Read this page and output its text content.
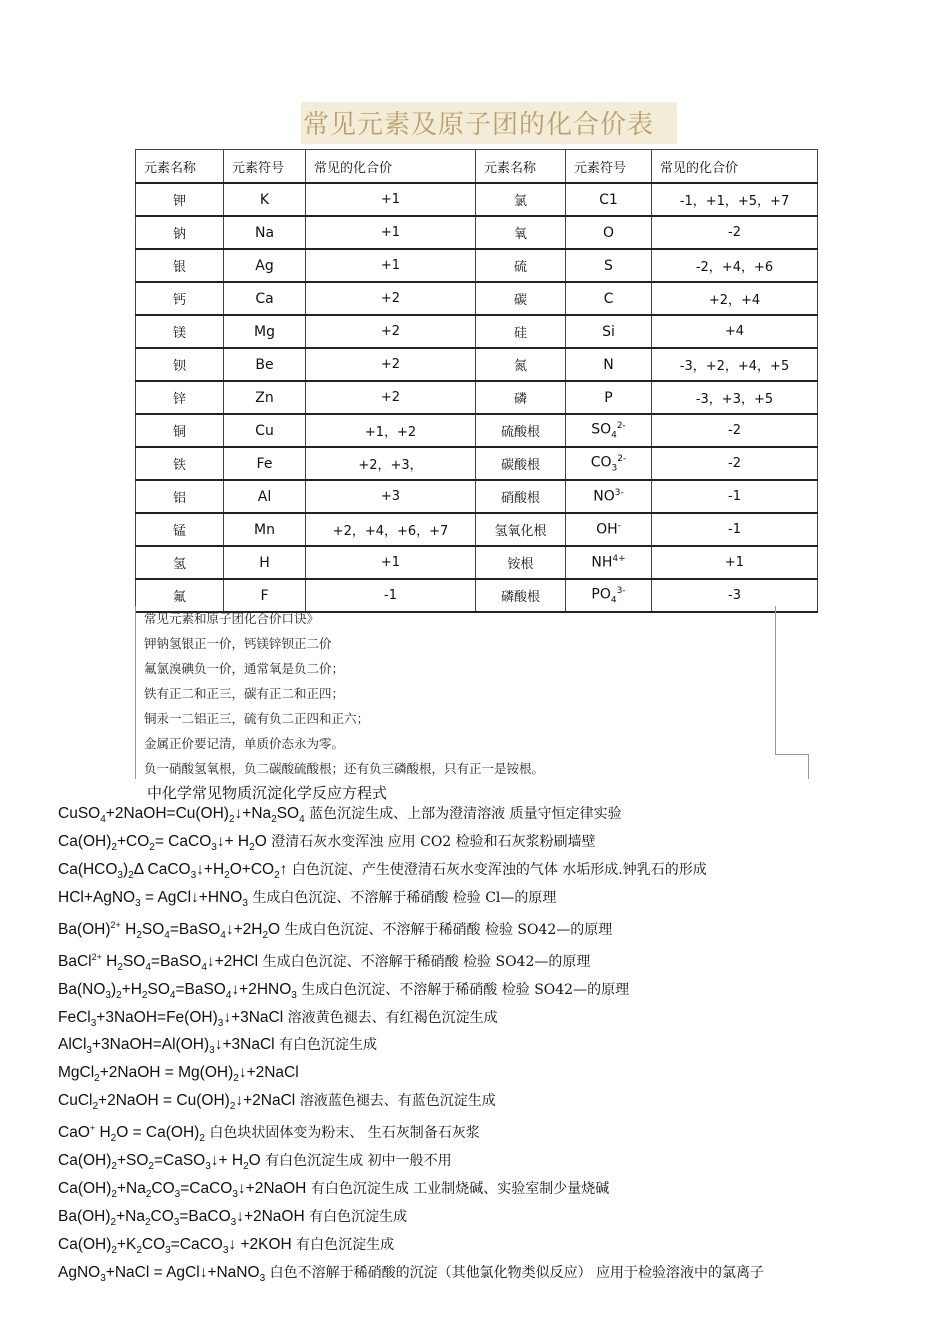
常见元素及原子团的化合价表
元素名称	元素符号	常见的化合价	元素名称	元素符号	常见的化合价
钾	K	+1	氯	C1	-1，+1，+5，+7
钠	Na	+1	氧	O	-2
银	Ag	+1	硫	S	-2，+4，+6
钙	Ca	+2	碳	C	+2，+4
镁	Mg	+2	硅	Si	+4
钡	Be	+2	氮	N	-3，+2，+4，+5
锌	Zn	+2	磷	P	-3，+3，+5
铜	Cu	+1，+2	硫酸根	$SO_4^{2-}$	-2
铁	Fe	+2，+3，	碳酸根	$CO_3^{2-}$	-2
铝	Al	+3	硝酸根	$NO^{3-}$	-1
锰	Mn	+2，+4，+6，+7	氢氧化根	OH-	-1
氢	H	+1	铵根	$NH^{4+}$	+1
氟	F	-1	磷酸根	$PO_4^{3-}$	-3
常见元素和原子团化合价口诀》
钾钠氢银正一价，钙镁锌钡正二价
氟氯溴碘负一价，通常氧是负二价；
铁有正二和正三，碳有正二和正四；
铜汞一二铝正三，硫有负二正四和正六；
金属正价要记清，单质价态永为零。
负一硝酸氢氧根，负二碳酸硫酸根；还有负三磷酸根，只有正一是铵根。
中化学常见物质沉淀化学反应方程式
$CuSO_4+2NaOH=Cu(OH)_2↓+Na_2SO_4$ 蓝色沉淀生成、上部为澄清溶液 质量守恒定律实验
$Ca(OH)_2+CO_2=$ CaCO$_3$↓+ $H_2O$ 澄清石灰水变浑浊 应用 CO2 检验和石灰浆粉刷墙壁
$Ca(HCO_3)_2\Delta$ $CaCO_3↓+H_2O+CO_2↑$ 白色沉淀、产生使澄清石灰水变浑浊的气体 水垢形成.钟乳石的形成
HCl+AgNO$_3$ = $AgCl↓+HNO_3$ 生成白色沉淀、不溶解于稀硝酸 检验 Cl—的原理
Ba(OH)$^{2+}$ $H_2SO_4=BaSO_4↓+2H_2O$ 生成白色沉淀、不溶解于稀硝酸 检验 SO42—的原理
BaCl$^{2+}$ $H_2SO_4=BaSO_4↓+2HCl$ 生成白色沉淀、不溶解于稀硝酸 检验 SO42—的原理
$Ba(NO_3)_2+H_2SO_4=BaSO_4↓+2HNO_3$ 生成白色沉淀、不溶解于稀硝酸 检验 SO42—的原理
$FeCl_3+3NaOH=Fe(OH)_3↓+3NaCl$ 溶液黄色褪去、有红褐色沉淀生成
$AlCl_3+3NaOH=Al(OH)_3↓+3NaCl$ 有白色沉淀生成
MgCl$_2$+2NaOH = $Mg(OH)_2↓+2NaCl$
CuCl$_2$+2NaOH = $Cu(OH)_2↓+2NaCl$ 溶液蓝色褪去、有蓝色沉淀生成
CaO+ $H_2O = Ca(OH)_2$ 白色块状固体变为粉末、 生石灰制备石灰浆
$Ca(OH)_2+SO_2=CaSO_3↓+ H_2O$ 有白色沉淀生成 初中一般不用
$Ca(OH)_2+Na_2CO_3=CaCO_3↓+2NaOH$ 有白色沉淀生成 工业制烧碱、实验室制少量烧碱
$Ba(OH)_2+Na_2CO_3=BaCO_3↓+2NaOH$ 有白色沉淀生成
$Ca(OH)_2+K_2CO_3=CaCO_3↓ +2KOH$ 有白色沉淀生成
AgNO$_3$+NaCl = AgCl↓+NaNO$_3$ 白色不溶解于稀硝酸的沉淀（其他氯化物类似反应） 应用于检验溶液中的氯离子
